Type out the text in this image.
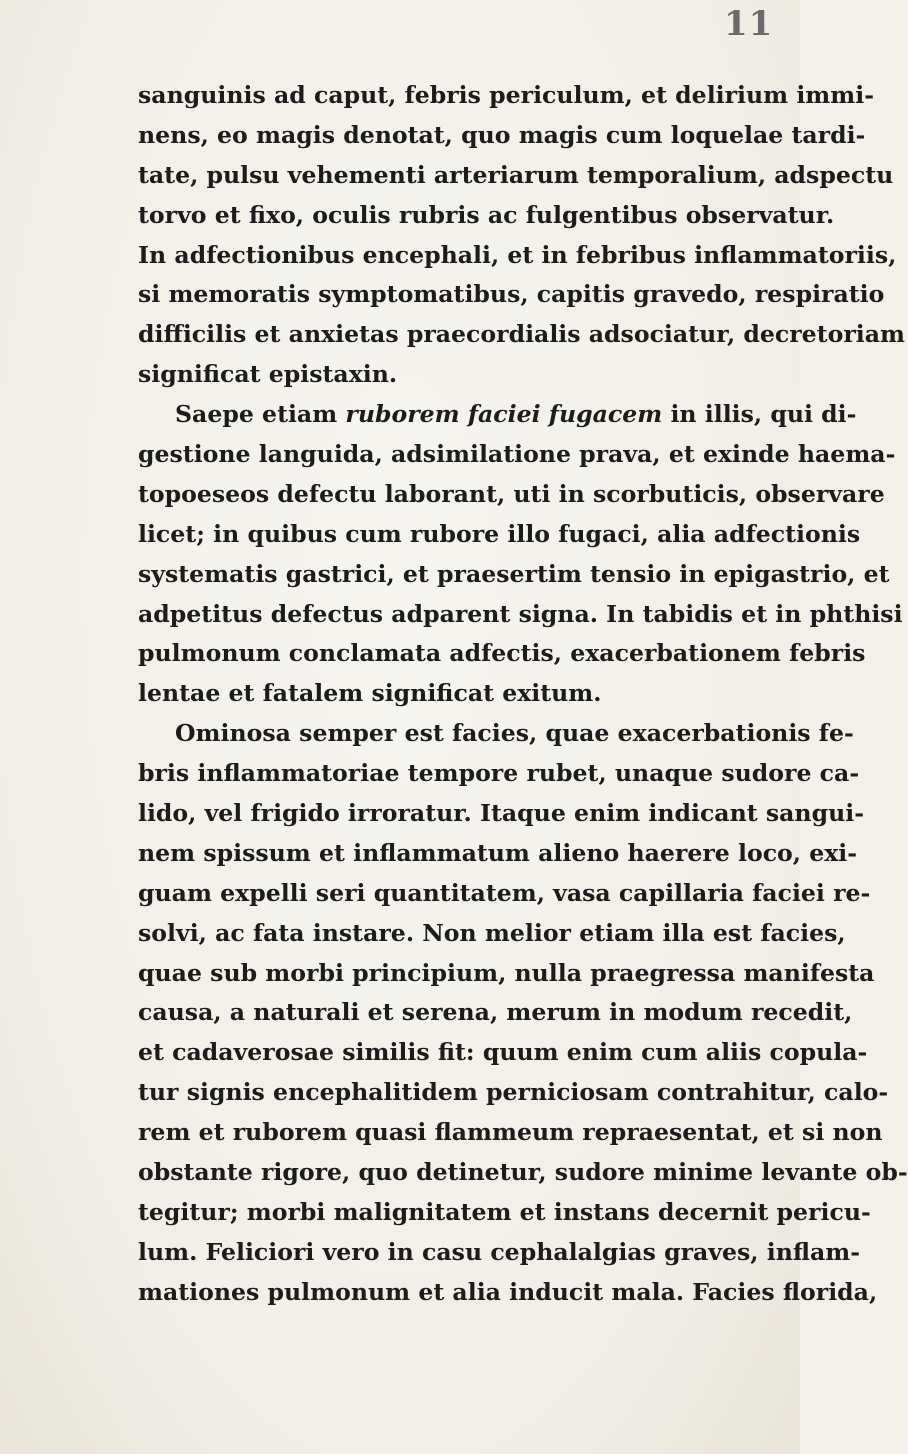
11
sanguinis ad caput, febris periculum, et delirium immi-
nens, eo magis denotat, quo magis cum loquelae tardi-
tate, pulsu vehementi arteriarum temporalium, adspectu
torvo et fixo, oculis rubris ac fulgentibus observatur.
In adfectionibus encephali, et in febribus inflammatoriis,
si memoratis symptomatibus, capitis gravedo, respiratio
difficilis et anxietas praecordialis adsociatur, decretoriam
significat epistaxin.
Saepe etiam ruborem faciei fugacem in illis, qui di-
gestione languida, adsimilatione prava, et exinde haema-
topoeseos defectu laborant, uti in scorbuticis, observare
licet; in quibus cum rubore illo fugaci, alia adfectionis
systematis gastrici, et praesertim tensio in epigastrio, et
adpetitus defectus adparent signa. In tabidis et in phthisi
pulmonum conclamata adfectis, exacerbationem febris
lentae et fatalem significat exitum.
Ominosa semper est facies, quae exacerbationis fe-
bris inflammatoriae tempore rubet, unaque sudore ca-
lido, vel frigido irroratur. Itaque enim indicant sangui-
nem spissum et inflammatum alieno haerere loco, exi-
guam expelli seri quantitatem, vasa capillaria faciei re-
solvi, ac fata instare. Non melior etiam illa est facies,
quae sub morbi principium, nulla praegressa manifesta
causa, a naturali et serena, merum in modum recedit,
et cadaverosae similis fit: quum enim cum aliis copula-
tur signis encephalitidem perniciosam contrahitur, calo-
rem et ruborem quasi flammeum repraesentat, et si non
obstante rigore, quo detinetur, sudore minime levante ob-
tegitur; morbi malignitatem et instans decernit pericu-
lum. Feliciori vero in casu cephalalgias graves, inflam-
mationes pulmonum et alia inducit mala. Facies florida,
